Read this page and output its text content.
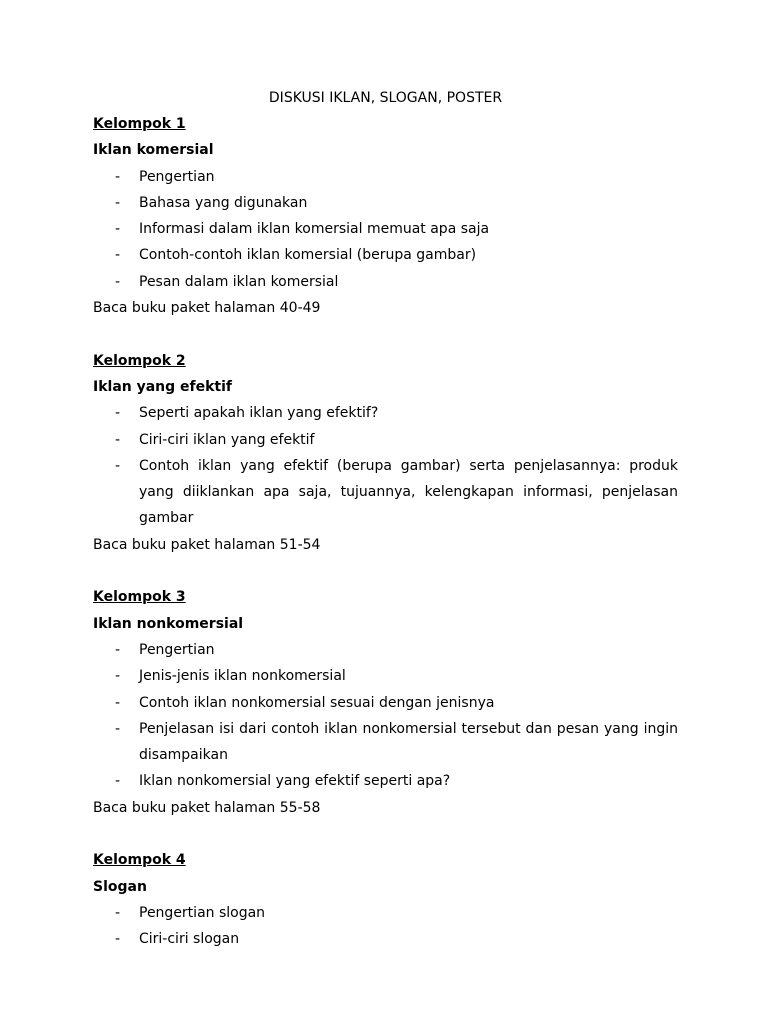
DISKUSI IKLAN, SLOGAN, POSTER

Kelompok 1

Iklan komersial

- Pengertian
- Bahasa yang digunakan
- Informasi dalam iklan komersial memuat apa saja
- Contoh-contoh iklan komersial (berupa gambar)
- Pesan dalam iklan komersial

Baca buku paket halaman 40-49

Kelompok 2

Iklan yang efektif

- Seperti apakah iklan yang efektif?
- Ciri-ciri iklan yang efektif
- Contoh iklan yang efektif (berupa gambar) serta penjelasannya: produk yang diiklankan apa saja, tujuannya, kelengkapan informasi, penjelasan gambar

Baca buku paket halaman 51-54

Kelompok 3

Iklan nonkomersial

- Pengertian
- Jenis-jenis iklan nonkomersial
- Contoh iklan nonkomersial sesuai dengan jenisnya
- Penjelasan isi dari contoh iklan nonkomersial tersebut dan pesan yang ingin disampaikan
- Iklan nonkomersial yang efektif seperti apa?

Baca buku paket halaman 55-58

Kelompok 4

Slogan

- Pengertian slogan
- Ciri-ciri slogan
